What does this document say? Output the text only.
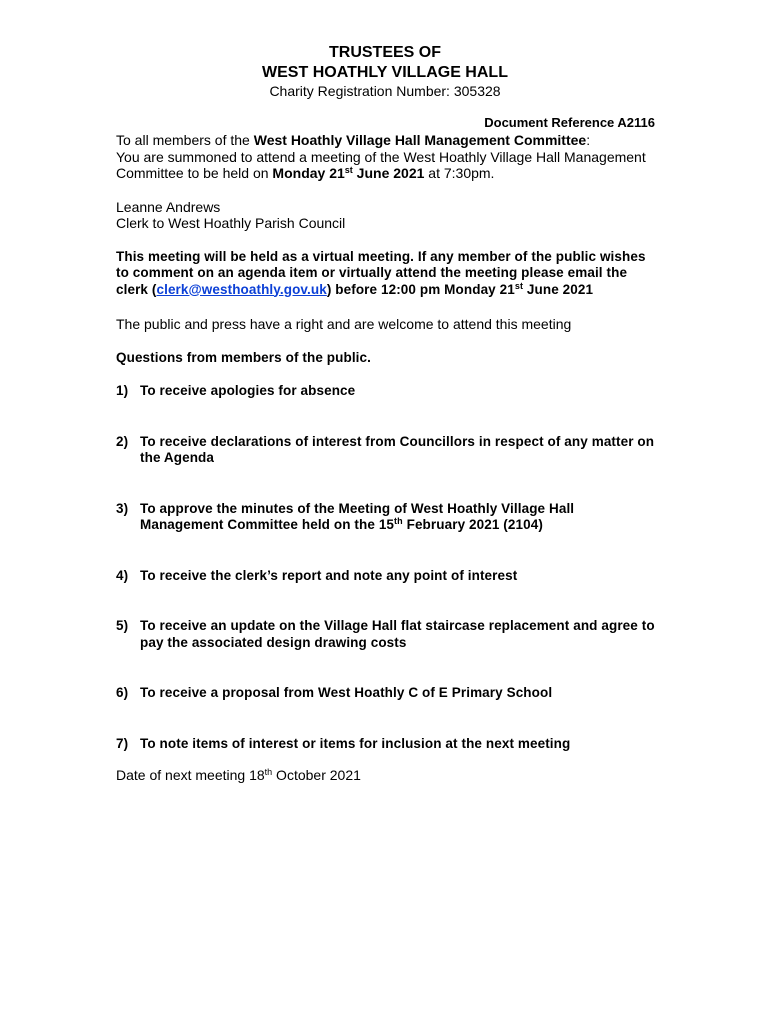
TRUSTEES OF
WEST HOATHLY VILLAGE HALL
Charity Registration Number: 305328
Document Reference A2116

To all members of the West Hoathly Village Hall Management Committee:
You are summoned to attend a meeting of the West Hoathly Village Hall Management Committee to be held on Monday 21st June 2021 at 7:30pm.

Leanne Andrews
Clerk to West Hoathly Parish Council

This meeting will be held as a virtual meeting. If any member of the public wishes to comment on an agenda item or virtually attend the meeting please email the clerk (clerk@westhoathly.gov.uk) before 12:00 pm Monday 21st June 2021

The public and press have a right and are welcome to attend this meeting

Questions from members of the public.

1) To receive apologies for absence
2) To receive declarations of interest from Councillors in respect of any matter on the Agenda
3) To approve the minutes of the Meeting of West Hoathly Village Hall Management Committee held on the 15th February 2021 (2104)
4) To receive the clerk’s report and note any point of interest
5) To receive an update on the Village Hall flat staircase replacement and agree to pay the associated design drawing costs
6) To receive a proposal from West Hoathly C of E Primary School
7) To note items of interest or items for inclusion at the next meeting

Date of next meeting 18th October 2021
